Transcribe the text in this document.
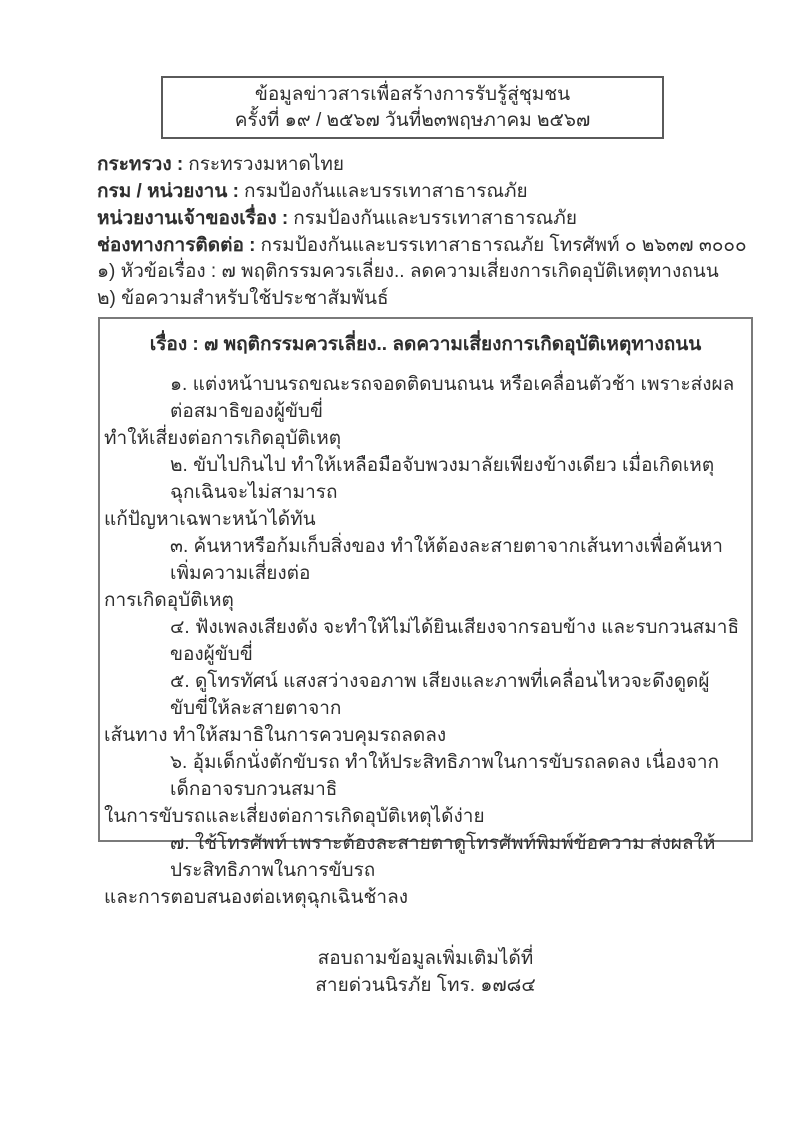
ข้อมูลข่าวสารเพื่อสร้างการรับรู้สู่ชุมชน
ครั้งที่ ๑๙ / ๒๕๖๗ วันที่๒๓พฤษภาคม ๒๕๖๗
กระทรวง : กระทรวงมหาดไทย
กรม / หน่วยงาน : กรมป้องกันและบรรเทาสาธารณภัย
หน่วยงานเจ้าของเรื่อง : กรมป้องกันและบรรเทาสาธารณภัย
ช่องทางการติดต่อ : กรมป้องกันและบรรเทาสาธารณภัย โทรศัพท์ ๐ ๒๖๓๗ ๓๐๐๐
๑) หัวข้อเรื่อง : ๗ พฤติกรรมควรเลี่ยง.. ลดความเสี่ยงการเกิดอุบัติเหตุทางถนน
๒) ข้อความสำหรับใช้ประชาสัมพันธ์
เรื่อง : ๗ พฤติกรรมควรเลี่ยง.. ลดความเสี่ยงการเกิดอุบัติเหตุทางถนน
๑. แต่งหน้าบนรถขณะรถจอดติดบนถนน หรือเคลื่อนตัวช้า เพราะส่งผลต่อสมาธิของผู้ขับขี่
ทำให้เสี่ยงต่อการเกิดอุบัติเหตุ
๒. ขับไปกินไป ทำให้เหลือมือจับพวงมาลัยเพียงข้างเดียว เมื่อเกิดเหตุฉุกเฉินจะไม่สามารถ
แก้ปัญหาเฉพาะหน้าได้ทัน
๓. ค้นหาหรือก้มเก็บสิ่งของ ทำให้ต้องละสายตาจากเส้นทางเพื่อค้นหา เพิ่มความเสี่ยงต่อ
การเกิดอุบัติเหตุ
๔. ฟังเพลงเสียงดัง จะทำให้ไม่ได้ยินเสียงจากรอบข้าง และรบกวนสมาธิของผู้ขับขี่
๕. ดูโทรทัศน์ แสงสว่างจอภาพ เสียงและภาพที่เคลื่อนไหวจะดึงดูดผู้ขับขี่ให้ละสายตาจาก
เส้นทาง ทำให้สมาธิในการควบคุมรถลดลง
๖. อุ้มเด็กนั่งตักขับรถ ทำให้ประสิทธิภาพในการขับรถลดลง เนื่องจากเด็กอาจรบกวนสมาธิ
ในการขับรถและเสี่ยงต่อการเกิดอุบัติเหตุได้ง่าย
๗. ใช้โทรศัพท์ เพราะต้องละสายตาดูโทรศัพท์พิมพ์ข้อความ ส่งผลให้ประสิทธิภาพในการขับรถ
และการตอบสนองต่อเหตุฉุกเฉินช้าลง
สอบถามข้อมูลเพิ่มเติมได้ที่
สายด่วนนิรภัย โทร. ๑๗๘๔
